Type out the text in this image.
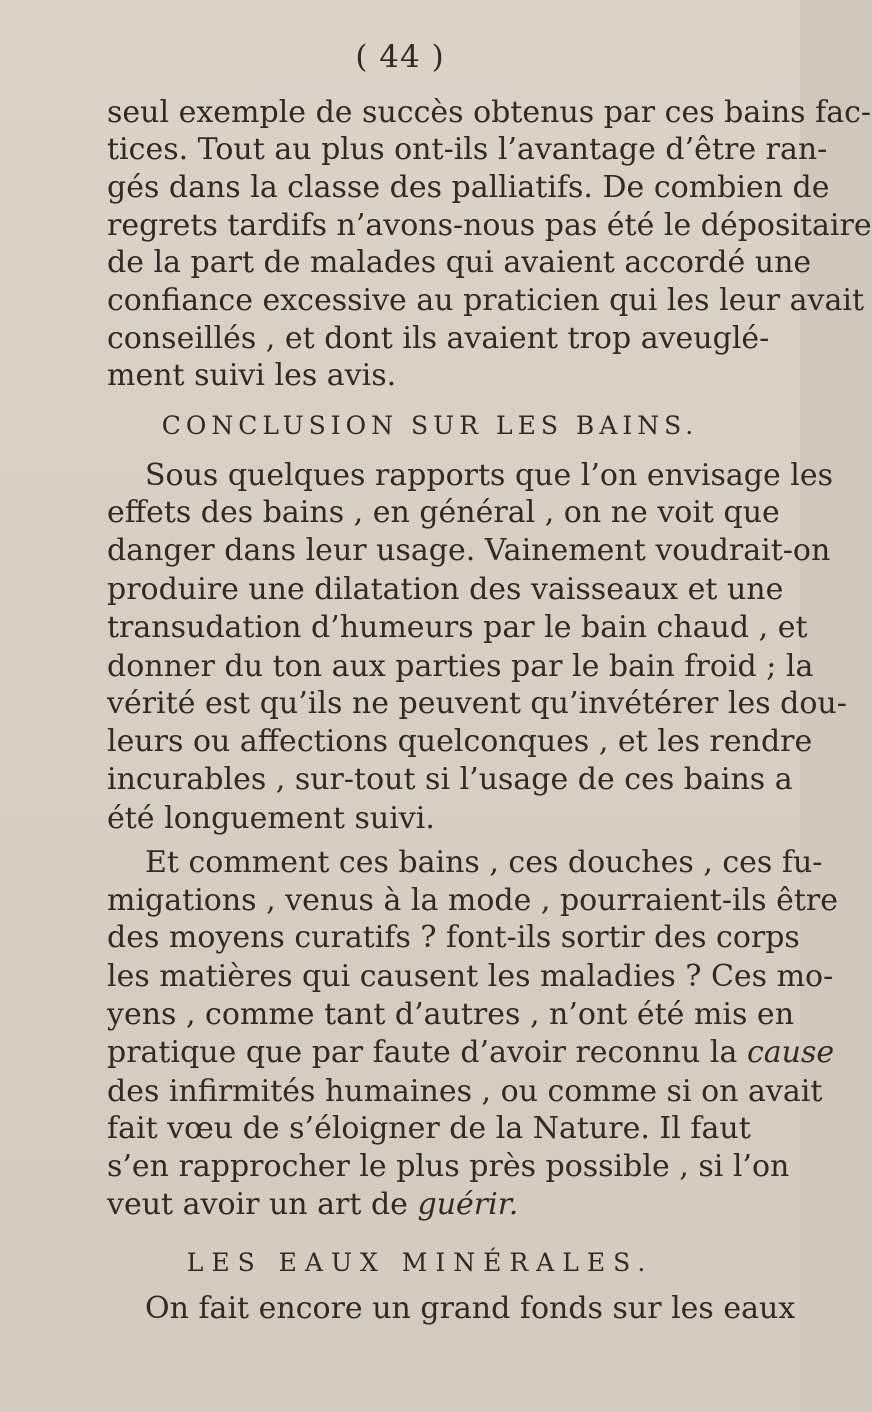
( 44 )
seul exemple de succès obtenus par ces bains fac-
tices. Tout au plus ont-ils l’avantage d’être ran-
gés dans la classe des palliatifs. De combien de
regrets tardifs n’avons-nous pas été le dépositaire
de la part de malades qui avaient accordé une
confiance excessive au praticien qui les leur avait
conseillés , et dont ils avaient trop aveuglé-
ment suivi les avis.
CONCLUSION SUR LES BAINS.
Sous quelques rapports que l’on envisage les
effets des bains , en général , on ne voit que
danger dans leur usage. Vainement voudrait-on
produire une dilatation des vaisseaux et une
transudation d’humeurs par le bain chaud , et
donner du ton aux parties par le bain froid ; la
vérité est qu’ils ne peuvent qu’invétérer les dou-
leurs ou affections quelconques , et les rendre
incurables , sur-tout si l’usage de ces bains a
été longuement suivi.
Et comment ces bains , ces douches , ces fu-
migations , venus à la mode , pourraient-ils être
des moyens curatifs ? font-ils sortir des corps
les matières qui causent les maladies ? Ces mo-
yens , comme tant d’autres , n’ont été mis en
pratique que par faute d’avoir reconnu la cause
des infirmités humaines , ou comme si on avait
fait vœu de s’éloigner de la Nature. Il faut
s’en rapprocher le plus près possible , si l’on
veut avoir un art de guérir.
LES EAUX MINÉRALES.
On fait encore un grand fonds sur les eaux
